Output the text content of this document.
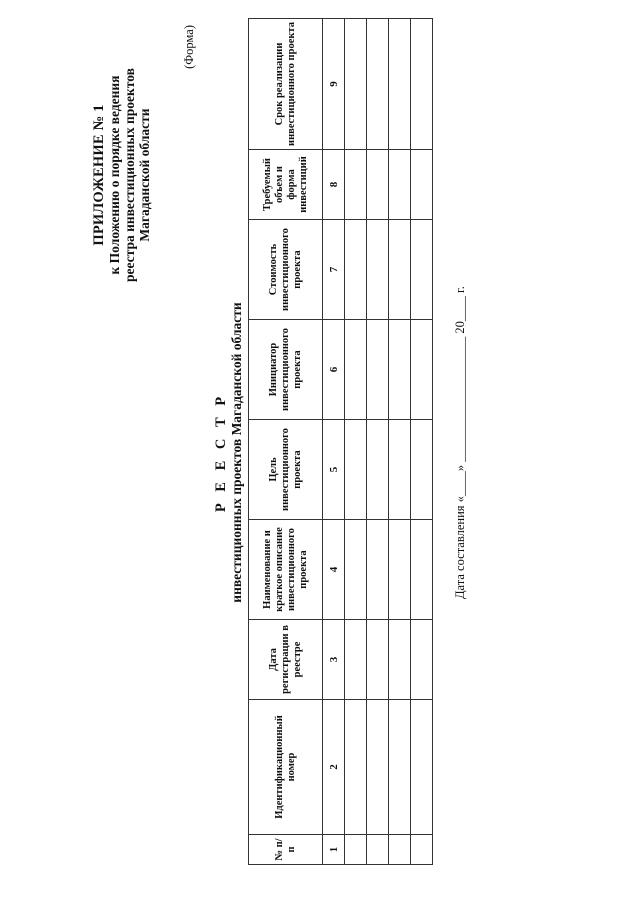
ПРИЛОЖЕНИЕ № 1 к Положению о порядке ведения реестра инвестиционных проектов Магаданской области
(Форма)
Р Е Е С Т Р инвестиционных проектов Магаданской области
№ п/п	Идентификационный номер	Дата регистрации в реестре	Наименование и краткое описание инвестиционного проекта	Цель инвестиционного проекта	Инициатор инвестиционного проекта	Стоимость инвестиционного проекта	Требуемый объем и форма инвестиций	Срок реализации инвестиционного проекта
1	2	3	4	5	6	7	8	9

Дата составления «____» ____________________ 20____ г.
